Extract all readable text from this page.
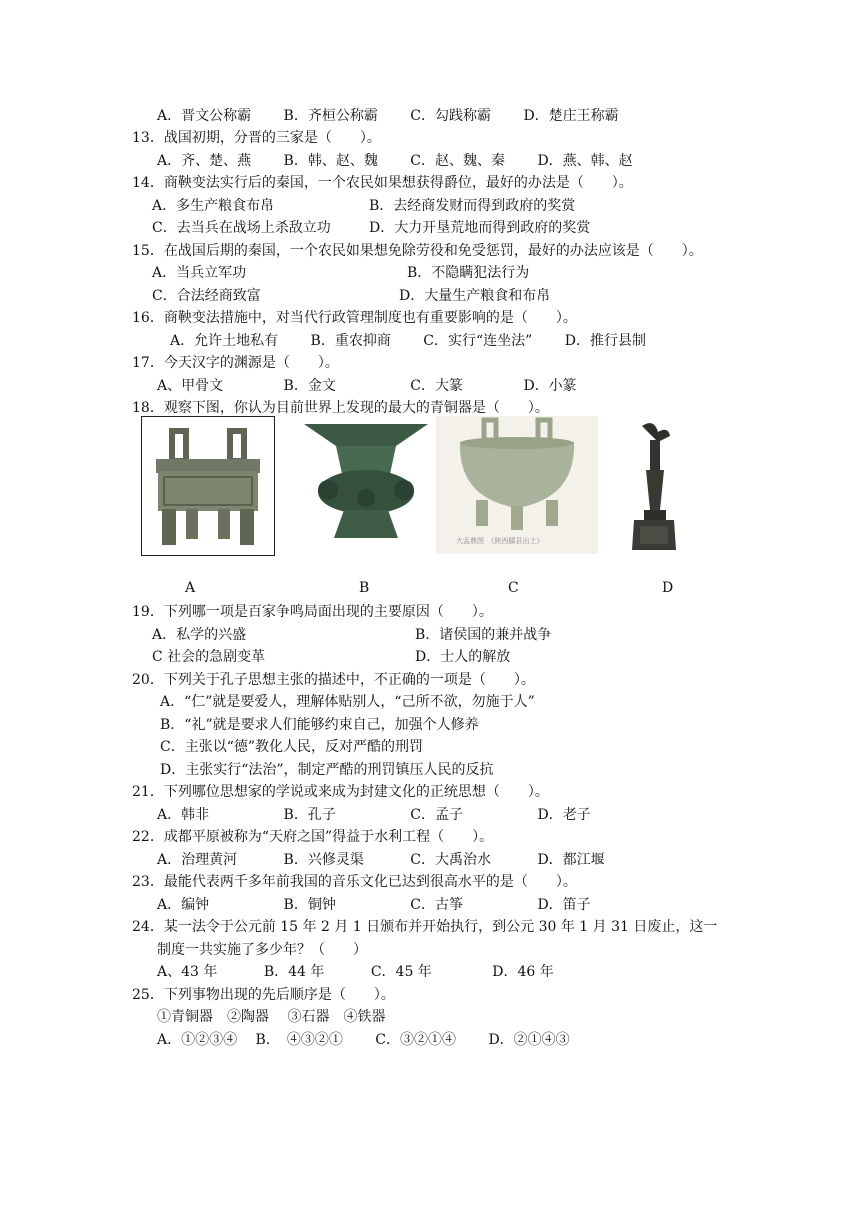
A．晋文公称霸　　 B．齐桓公称霸　　 C．勾践称霸　　 D．楚庄王称霸
13．战国初期，分晋的三家是（　　）。
A．齐、楚、燕　　 B．韩、赵、魏　　 C．赵、魏、秦　　 D．燕、韩、赵
14．商鞅变法实行后的秦国，一个农民如果想获得爵位，最好的办法是（　　）。
A．多生产粮食布帛	B．去经商发财而得到政府的奖赏
C．去当兵在战场上杀敌立功	D．大力开垦荒地而得到政府的奖赏
15．在战国后期的秦国，一个农民如果想免除劳役和免受惩罚，最好的办法应该是（　　）。
A．当兵立军功	B．不隐瞒犯法行为
C．合法经商致富	D．大量生产粮食和布帛
16．商鞅变法措施中，对当代行政管理制度也有重要影响的是（　　）。
A．允许土地私有　　 B．重农抑商　　 C．实行“连坐法”　　 D．推行县制
17．今天汉字的渊源是（　　）。
A、甲骨文　　　　 B．金文　　　　　 C．大篆　　　　 D．小篆
18．观察下图，你认为目前世界上发现的最大的青铜器是（　　）。
大盂鼎图　《陕西郿县出土》
A	B	C	D
19．下列哪一项是百家争鸣局面出现的主要原因（　　）。
A．私学的兴盛	B．诸侯国的兼并战争
C 社会的急剧变革	D．士人的解放
20．下列关于孔子思想主张的描述中，不正确的一项是（　　）。
A．“仁”就是要爱人，理解体贴别人，“己所不欲，勿施于人”
B．“礼”就是要求人们能够约束自己，加强个人修养
C．主张以“德”教化人民，反对严酷的刑罚
D．主张实行“法治”，制定严酷的刑罚镇压人民的反抗
21．下列哪位思想家的学说或来成为封建文化的正统思想（　　）。
A．韩非　　　　　 B．孔子　　　　　 C．孟子　　　　　 D．老子
22．成都平原被称为“天府之国”得益于水利工程（　　）。
A．治理黄河　　　 B．兴修灵渠　　　 C．大禹治水　　　 D．都江堰
23．最能代表两千多年前我国的音乐文化已达到很高水平的是（　　）。
A．编钟　　　　　 B．铜钟　　　　　 C．古筝　　　　　 D．笛子
24．某一法令于公元前 15 年 2 月 1 日颁布并开始执行，到公元 30 年 1 月 31 日废止，这一
制度一共实施了多少年？（　　）
A、43 年　　　 B．44 年　　　 C．45 年　　　　 D．46 年
25．下列事物出现的先后顺序是（　　）。
①青铜器　②陶器　 ③石器　④铁器
A．①②③④　 B．　④③②①　　 C．③②①④　　 D．②①④③
